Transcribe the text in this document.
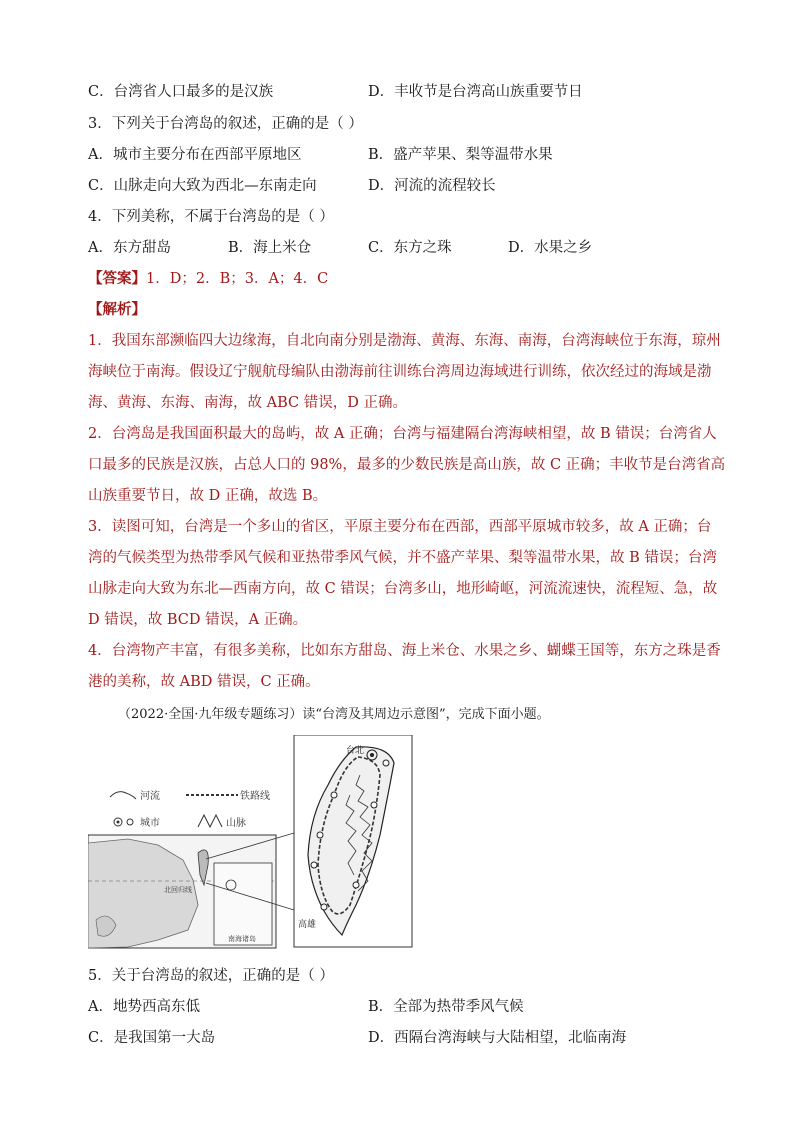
C．台湾省人口最多的是汉族	D．丰收节是台湾高山族重要节日
3．下列关于台湾岛的叙述，正确的是（ ）
A．城市主要分布在西部平原地区	B．盛产苹果、梨等温带水果
C．山脉走向大致为西北—东南走向	D．河流的流程较长
4．下列美称，不属于台湾岛的是（ ）
A．东方甜岛	B．海上米仓	C．东方之珠	D．水果之乡
【答案】1．D；2．B；3．A；4．C
【解析】
1．我国东部濒临四大边缘海，自北向南分别是渤海、黄海、东海、南海，台湾海峡位于东海，琼州
海峡位于南海。假设辽宁舰航母编队由渤海前往训练台湾周边海域进行训练，依次经过的海域是渤
海、黄海、东海、南海，故 ABC 错误，D 正确。
2．台湾岛是我国面积最大的岛屿，故 A 正确；台湾与福建隔台湾海峡相望，故 B 错误；台湾省人
口最多的民族是汉族，占总人口的 98%，最多的少数民族是高山族，故 C 正确；丰收节是台湾省高
山族重要节日，故 D 正确，故选 B。
3．读图可知，台湾是一个多山的省区，平原主要分布在西部，西部平原城市较多，故 A 正确；台
湾的气候类型为热带季风气候和亚热带季风气候，并不盛产苹果、梨等温带水果，故 B 错误；台湾
山脉走向大致为东北—西南方向，故 C 错误；台湾多山，地形崎岖，河流流速快，流程短、急，故
D 错误，故 BCD 错误，A 正确。
4．台湾物产丰富，有很多美称，比如东方甜岛、海上米仓、水果之乡、蝴蝶王国等，东方之珠是香
港的美称，故 ABD 错误，C 正确。
（2022·全国·九年级专题练习）读“台湾及其周边示意图”，完成下面小题。
河流	铁路线
城市	山脉
北回归线
南海诸岛
台北
高雄
5．关于台湾岛的叙述，正确的是（ ）
A．地势西高东低	B．全部为热带季风气候
C．是我国第一大岛	D．西隔台湾海峡与大陆相望，北临南海
